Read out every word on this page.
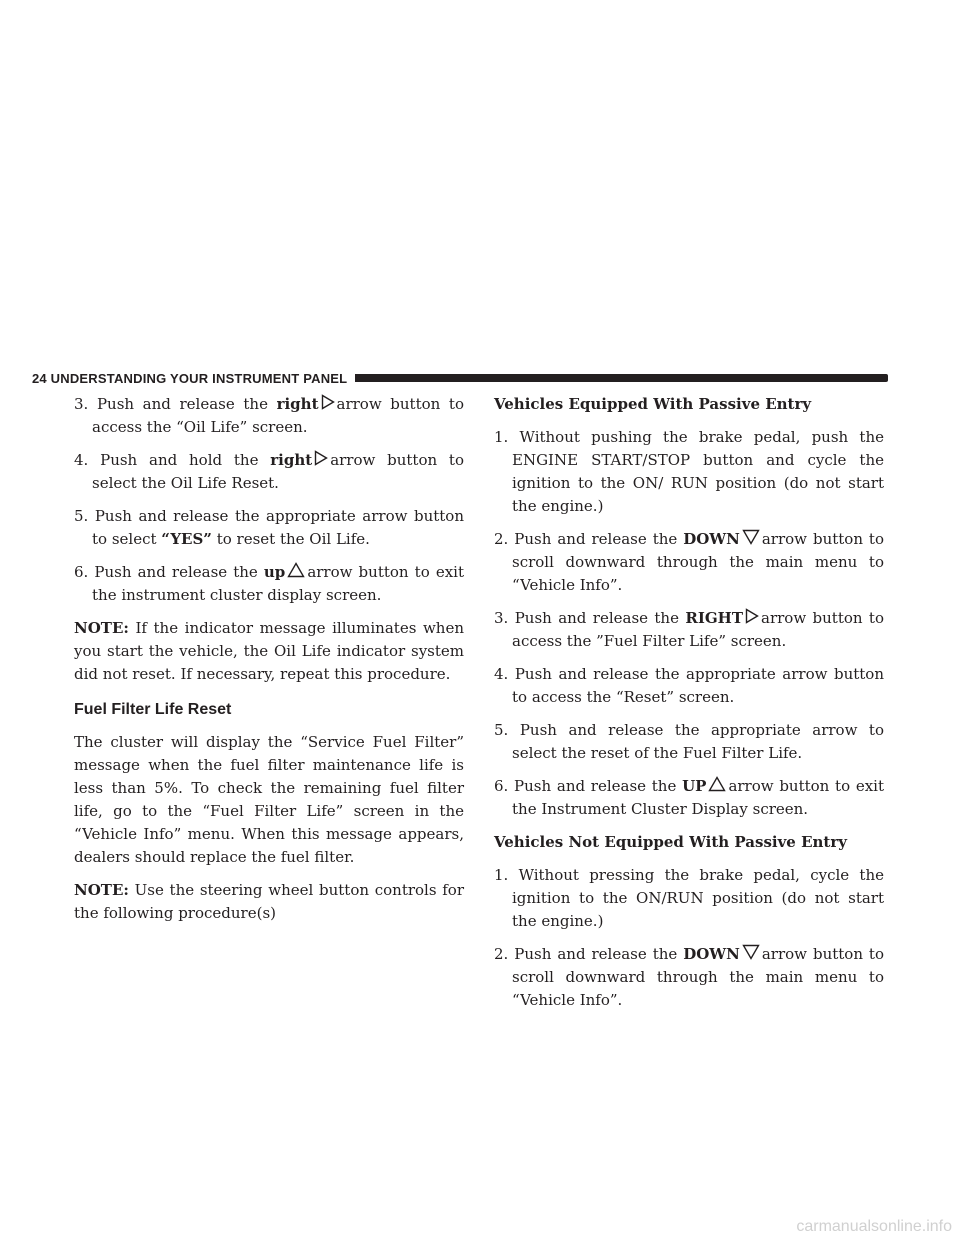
24 UNDERSTANDING YOUR INSTRUMENT PANEL

3. Push and release the right arrow button to access the “Oil Life” screen.

4. Push and hold the right arrow button to select the Oil Life Reset.

5. Push and release the appropriate arrow button to select “YES” to reset the Oil Life.

6. Push and release the up arrow button to exit the instrument cluster display screen.

NOTE: If the indicator message illuminates when you start the vehicle, the Oil Life indicator system did not reset. If necessary, repeat this procedure.

Fuel Filter Life Reset

The cluster will display the “Service Fuel Filter” message when the fuel filter maintenance life is less than 5%. To check the remaining fuel filter life, go to the “Fuel Filter Life” screen in the “Vehicle Info” menu. When this message appears, dealers should replace the fuel filter.

NOTE: Use the steering wheel button controls for the following procedure(s)

Vehicles Equipped With Passive Entry

1. Without pushing the brake pedal, push the ENGINE START/STOP button and cycle the ignition to the ON/ RUN position (do not start the engine.)

2. Push and release the DOWN arrow button to scroll downward through the main menu to “Vehicle Info”.

3. Push and release the RIGHT arrow button to access the ”Fuel Filter Life” screen.

4. Push and release the appropriate arrow button to access the “Reset” screen.

5. Push and release the appropriate arrow to select the reset of the Fuel Filter Life.

6. Push and release the UP arrow button to exit the Instrument Cluster Display screen.

Vehicles Not Equipped With Passive Entry

1. Without pressing the brake pedal, cycle the ignition to the ON/RUN position (do not start the engine.)

2. Push and release the DOWN arrow button to scroll downward through the main menu to “Vehicle Info”.

carmanualsonline.info
